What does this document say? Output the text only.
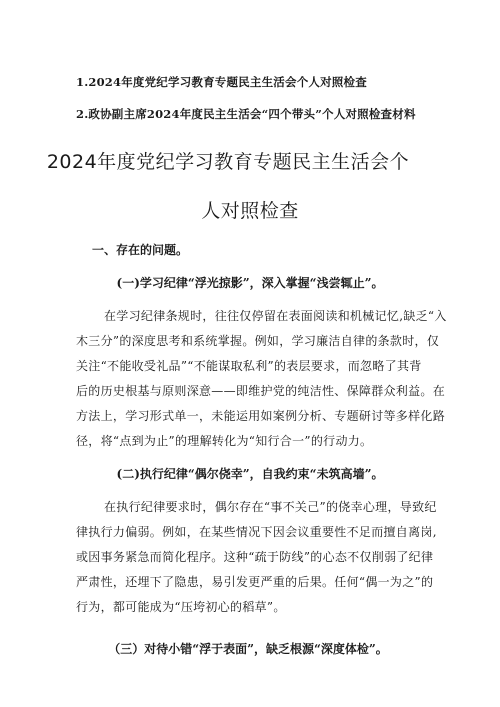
1.2024年度党纪学习教育专题民主生活会个人对照检查
2.政协副主席2024年度民主生活会“四个带头”个人对照检查材料
2024年度党纪学习教育专题民主生活会个
人对照检查
一、存在的问题。
(一)学习纪律“浮光掠影”，深入掌握“浅尝辄止”。
在学习纪律条规时，往往仅停留在表面阅读和机械记忆,缺乏“入
木三分”的深度思考和系统掌握。例如，学习廉洁自律的条款时，仅
关注“不能收受礼品”“不能谋取私利”的表层要求，而忽略了其背
后的历史根基与原则深意——即维护党的纯洁性、保障群众利益。在
方法上，学习形式单一，未能运用如案例分析、专题研讨等多样化路
径，将“点到为止”的理解转化为“知行合一”的行动力。
(二)执行纪律“偶尔侥幸”，自我约束“未筑高墙”。
在执行纪律要求时，偶尔存在“事不关己”的侥幸心理，导致纪
律执行力偏弱。例如，在某些情况下因会议重要性不足而擅自离岗,
或因事务紧急而简化程序。这种“疏于防线”的心态不仅削弱了纪律
严肃性，还埋下了隐患，易引发更严重的后果。任何“偶一为之”的
行为，都可能成为“压垮初心的稻草”。
（三）对待小错“浮于表面”，缺乏根源“深度体检”。
